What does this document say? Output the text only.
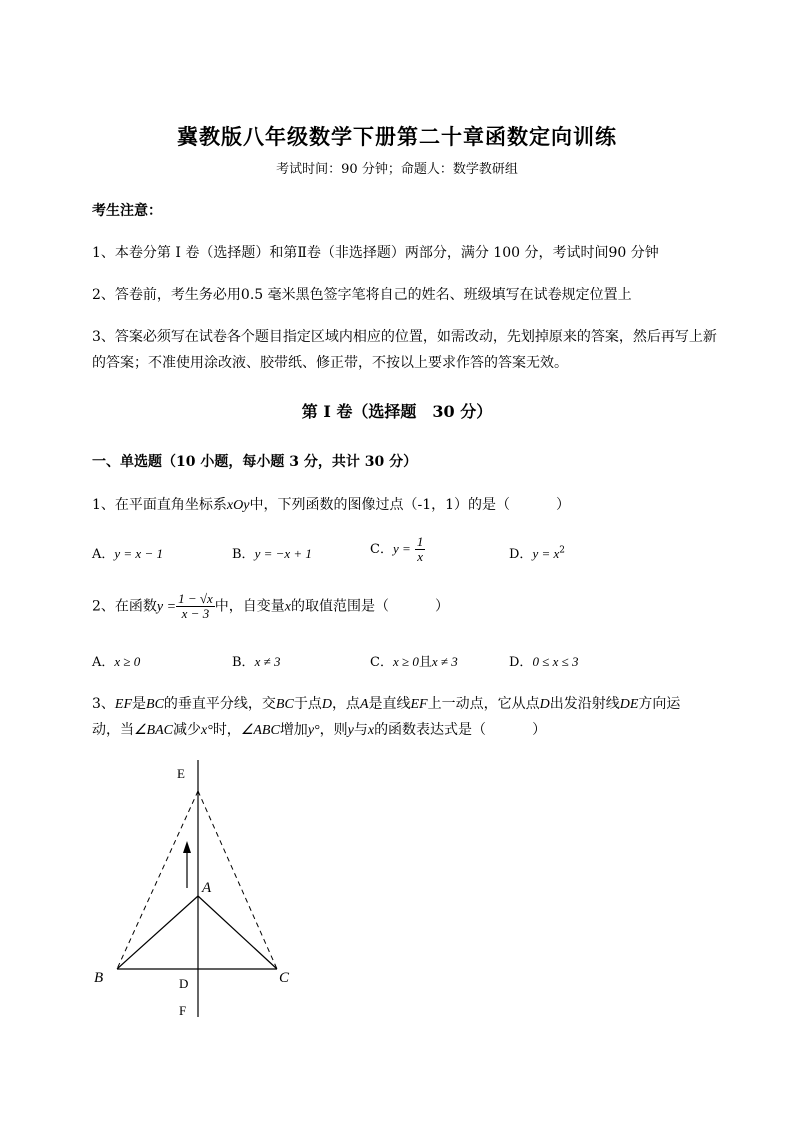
冀教版八年级数学下册第二十章函数定向训练
考试时间：90 分钟；命题人：数学教研组
考生注意：
1、本卷分第 I 卷（选择题）和第Ⅱ卷（非选择题）两部分，满分 100 分，考试时间90 分钟
2、答卷前，考生务必用0.5 毫米黑色签字笔将自己的姓名、班级填写在试卷规定位置上
3、答案必须写在试卷各个题目指定区域内相应的位置，如需改动，先划掉原来的答案，然后再写上新
的答案；不准使用涂改液、胶带纸、修正带，不按以上要求作答的答案无效。
第 I 卷（选择题　30 分）
一、单选题（10 小题，每小题 3 分，共计 30 分）
1、在平面直角坐标系xOy中，下列函数的图像过点（-1，1）的是（	）
A．y = x − 1	B．y = −x + 1	C．$y = \frac{1}{x}$	D．$y = x^2$
2、在函数$y = \frac{1 - √x}{x - 3}$ 中，自变量x的取值范围是（	）
A．x ≥ 0	B．x ≠ 3	C．x ≥ 0且x ≠ 3	D．0 ≤ x ≤ 3
3、EF是BC的垂直平分线，交BC于点D，点A是直线EF上一动点，它从点D出发沿射线DE方向运
动，当∠BAC减少x°时，∠ABC增加y°，则y与x的函数表达式是（	）
E
A
B	C
D
F
